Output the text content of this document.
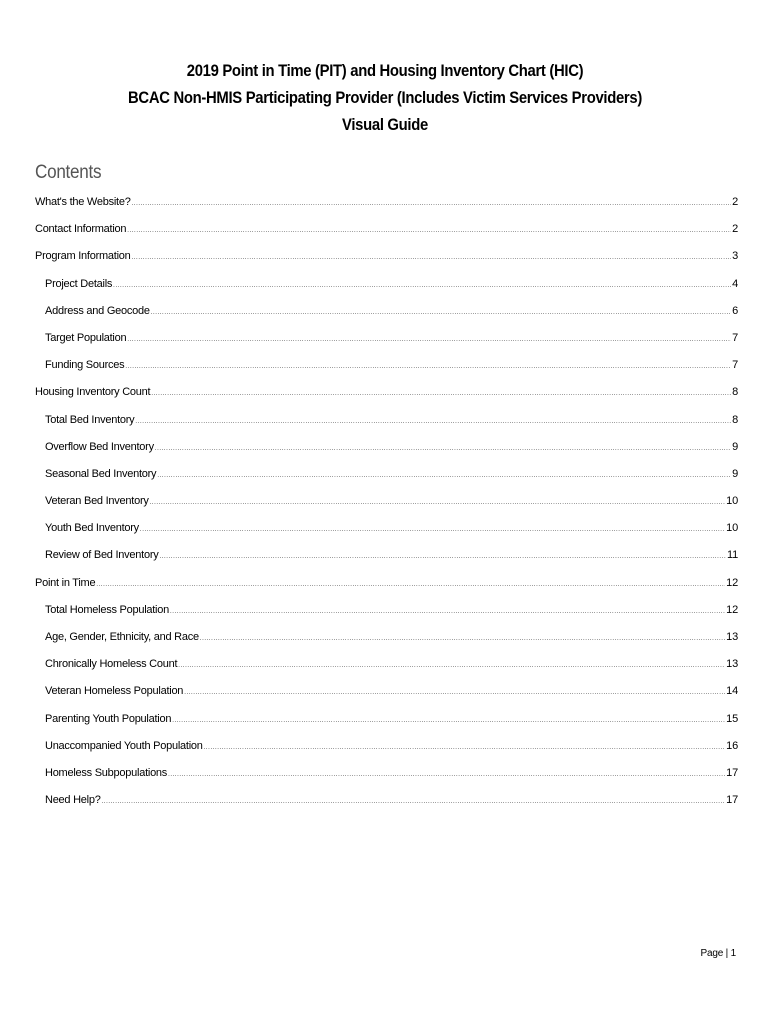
2019 Point in Time (PIT) and Housing Inventory Chart (HIC)
BCAC Non-HMIS Participating Provider (Includes Victim Services Providers)
Visual Guide
Contents
What's the Website? .....	2
Contact Information .....	2
Program Information .....	3
Project Details .....	4
Address and Geocode .....	6
Target Population .....	7
Funding Sources .....	7
Housing Inventory Count .....	8
Total Bed Inventory .....	8
Overflow Bed Inventory .....	9
Seasonal Bed Inventory .....	9
Veteran Bed Inventory .....	10
Youth Bed Inventory .....	10
Review of Bed Inventory .....	11
Point in Time .....	12
Total Homeless Population .....	12
Age, Gender, Ethnicity, and Race .....	13
Chronically Homeless Count .....	13
Veteran Homeless Population .....	14
Parenting Youth Population .....	15
Unaccompanied Youth Population .....	16
Homeless Subpopulations .....	17
Need Help? .....	17
Page | 1
